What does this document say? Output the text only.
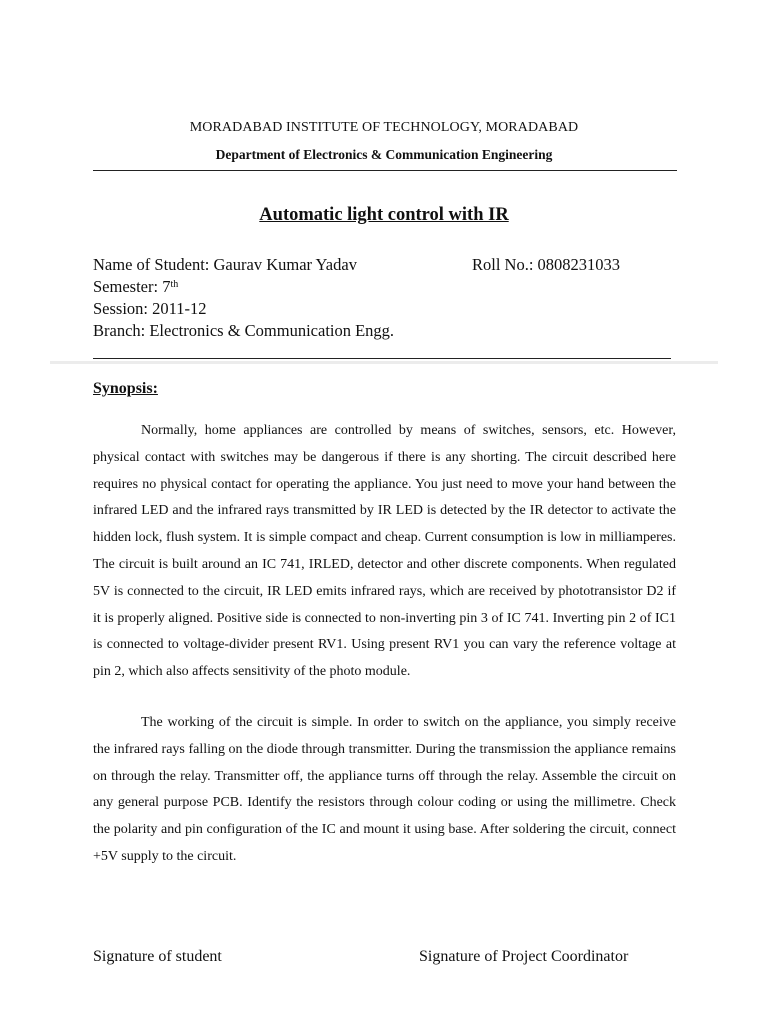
MORADABAD INSTITUTE OF TECHNOLOGY, MORADABAD
Department of Electronics & Communication Engineering
Automatic light control with IR
Name of Student: Gaurav Kumar Yadav	Roll No.: 0808231033
Semester: 7th
Session: 2011-12
Branch: Electronics & Communication Engg.
Synopsis:

Normally, home appliances are controlled by means of switches, sensors, etc. However, physical contact with switches may be dangerous if there is any shorting. The circuit described here requires no physical contact for operating the appliance. You just need to move your hand between the infrared LED and the infrared rays transmitted by IR LED is detected by the IR detector to activate the hidden lock, flush system. It is simple compact and cheap. Current consumption is low in milliamperes. The circuit is built around an IC 741, IRLED, detector and other discrete components. When regulated 5V is connected to the circuit, IR LED emits infrared rays, which are received by phototransistor D2 if it is properly aligned. Positive side is connected to non-inverting pin 3 of IC 741. Inverting pin 2 of IC1 is connected to voltage-divider present RV1. Using present RV1 you can vary the reference voltage at pin 2, which also affects sensitivity of the photo module.

The working of the circuit is simple. In order to switch on the appliance, you simply receive the infrared rays falling on the diode through transmitter. During the transmission the appliance remains on through the relay. Transmitter off, the appliance turns off through the relay. Assemble the circuit on any general purpose PCB. Identify the resistors through colour coding or using the millimetre. Check the polarity and pin configuration of the IC and mount it using base. After soldering the circuit, connect +5V supply to the circuit.

Signature of student	Signature of Project Coordinator
